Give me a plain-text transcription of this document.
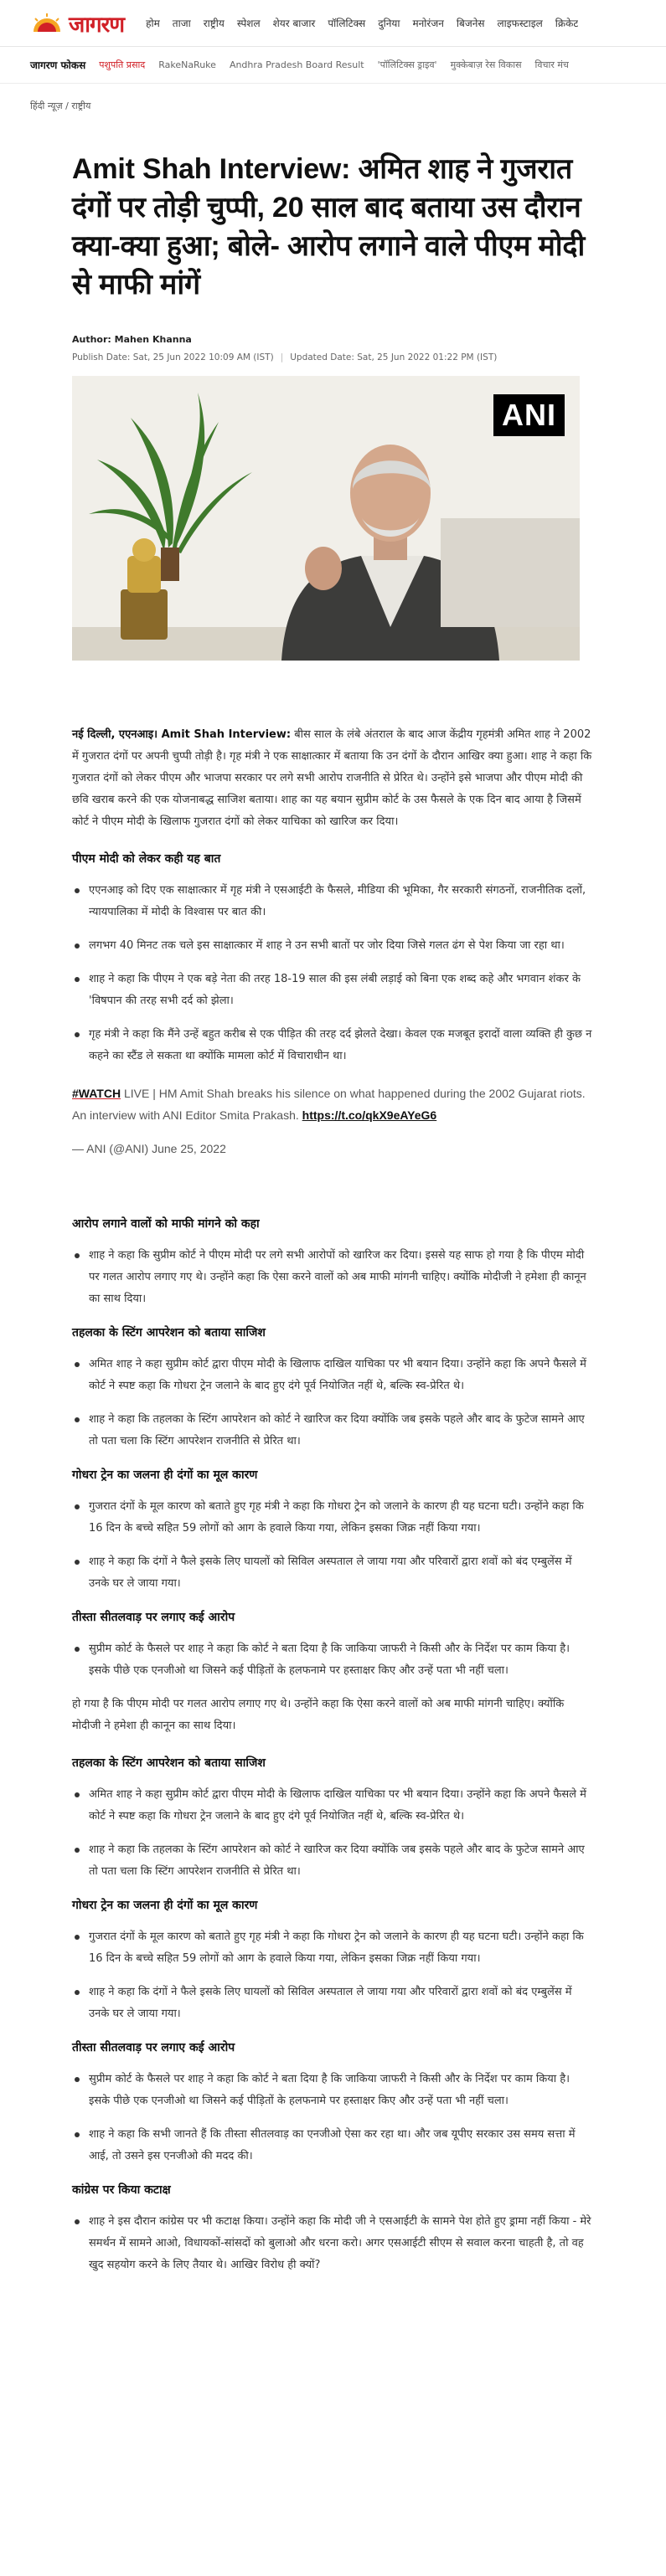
जागरण होम ताजा राष्ट्रीय स्पेशल शेयर बाजार पॉलिटिक्स दुनिया मनोरंजन बिजनेस लाइफस्टाइल क्रिकेट
जागरण फोकस पशुपति प्रसाद RakeNaRuke Andhra Pradesh Board Result 'पॉलिटिक्स ड्राइव' मुक्केबाज़ रेस विकास विचार मंच
हिंदी न्यूज़ / राष्ट्रीय
Amit Shah Interview: अमित शाह ने गुजरात दंगों पर तोड़ी चुप्पी, 20 साल बाद बताया उस दौरान क्या-क्या हुआ; बोले- आरोप लगाने वाले पीएम मोदी से माफी मांगें
Author: Mahen Khanna
Publish Date: Sat, 25 Jun 2022 10:09 AM (IST) | Updated Date: Sat, 25 Jun 2022 01:22 PM (IST)
ANI

नई दिल्ली, एएनआइ। Amit Shah Interview: बीस साल के लंबे अंतराल के बाद आज केंद्रीय गृहमंत्री अमित शाह ने 2002 में गुजरात दंगों पर अपनी चुप्पी तोड़ी है। गृह मंत्री ने एक साक्षात्कार में बताया कि उन दंगों के दौरान आखिर क्या हुआ। शाह ने कहा कि गुजरात दंगों को लेकर पीएम और भाजपा सरकार पर लगे सभी आरोप राजनीति से प्रेरित थे। उन्होंने इसे भाजपा और पीएम मोदी की छवि खराब करने की एक योजनाबद्ध साजिश बताया। शाह का यह बयान सुप्रीम कोर्ट के उस फैसले के एक दिन बाद आया है जिसमें कोर्ट ने पीएम मोदी के खिलाफ गुजरात दंगों को लेकर याचिका को खारिज कर दिया।

पीएम मोदी को लेकर कही यह बात
एएनआइ को दिए एक साक्षात्कार में गृह मंत्री ने एसआईटी के फैसले, मीडिया की भूमिका, गैर सरकारी संगठनों, राजनीतिक दलों, न्यायपालिका में मोदी के विश्वास पर बात की।
लगभग 40 मिनट तक चले इस साक्षात्कार में शाह ने उन सभी बातों पर जोर दिया जिसे गलत ढंग से पेश किया जा रहा था।
शाह ने कहा कि पीएम ने एक बड़े नेता की तरह 18-19 साल की इस लंबी लड़ाई को बिना एक शब्द कहे और भगवान शंकर के 'विषपान की तरह सभी दर्द को झेला।
गृह मंत्री ने कहा कि मैंने उन्हें बहुत करीब से एक पीड़ित की तरह दर्द झेलते देखा। केवल एक मजबूत इरादों वाला व्यक्ति ही कुछ न कहने का स्टैंड ले सकता था क्योंकि मामला कोर्ट में विचाराधीन था।
#WATCH LIVE | HM Amit Shah breaks his silence on what happened during the 2002 Gujarat riots. An interview with ANI Editor Smita Prakash. https://t.co/qkX9eAYeG6
— ANI (@ANI) June 25, 2022
आरोप लगाने वालों को माफी मांगने को कहा
शाह ने कहा कि सुप्रीम कोर्ट ने पीएम मोदी पर लगे सभी आरोपों को खारिज कर दिया। इससे यह साफ हो गया है कि पीएम मोदी पर गलत आरोप लगाए गए थे। उन्होंने कहा कि ऐसा करने वालों को अब माफी मांगनी चाहिए। क्योंकि मोदीजी ने हमेशा ही कानून का साथ दिया।
तहलका के स्टिंग आपरेशन को बताया साजिश
अमित शाह ने कहा सुप्रीम कोर्ट द्वारा पीएम मोदी के खिलाफ दाखिल याचिका पर भी बयान दिया। उन्होंने कहा कि अपने फैसले में कोर्ट ने स्पष्ट कहा कि गोधरा ट्रेन जलाने के बाद हुए दंगे पूर्व नियोजित नहीं थे, बल्कि स्व-प्रेरित थे।
शाह ने कहा कि तहलका के स्टिंग आपरेशन को कोर्ट ने खारिज कर दिया क्योंकि जब इसके पहले और बाद के फुटेज सामने आए तो पता चला कि स्टिंग आपरेशन राजनीति से प्रेरित था।
गोधरा ट्रेन का जलना ही दंगों का मूल कारण
गुजरात दंगों के मूल कारण को बताते हुए गृह मंत्री ने कहा कि गोधरा ट्रेन को जलाने के कारण ही यह घटना घटी। उन्होंने कहा कि 16 दिन के बच्चे सहित 59 लोगों को आग के हवाले किया गया, लेकिन इसका जिक्र नहीं किया गया।
शाह ने कहा कि दंगों ने फैले इसके लिए घायलों को सिविल अस्पताल ले जाया गया और परिवारों द्वारा शवों को बंद एम्बुलेंस में उनके घर ले जाया गया।
तीस्ता सीतलवाड़ पर लगाए कई आरोप
सुप्रीम कोर्ट के फैसले पर शाह ने कहा कि कोर्ट ने बता दिया है कि जाकिया जाफरी ने किसी और के निर्देश पर काम किया है। इसके पीछे एक एनजीओ था जिसने कई पीड़ितों के हलफनामे पर हस्ताक्षर किए और उन्हें पता भी नहीं चला।

हो गया है कि पीएम मोदी पर गलत आरोप लगाए गए थे। उन्होंने कहा कि ऐसा करने वालों को अब माफी मांगनी चाहिए। क्योंकि मोदीजी ने हमेशा ही कानून का साथ दिया।

तहलका के स्टिंग आपरेशन को बताया साजिश
अमित शाह ने कहा सुप्रीम कोर्ट द्वारा पीएम मोदी के खिलाफ दाखिल याचिका पर भी बयान दिया। उन्होंने कहा कि अपने फैसले में कोर्ट ने स्पष्ट कहा कि गोधरा ट्रेन जलाने के बाद हुए दंगे पूर्व नियोजित नहीं थे, बल्कि स्व-प्रेरित थे।
शाह ने कहा कि तहलका के स्टिंग आपरेशन को कोर्ट ने खारिज कर दिया क्योंकि जब इसके पहले और बाद के फुटेज सामने आए तो पता चला कि स्टिंग आपरेशन राजनीति से प्रेरित था।
गोधरा ट्रेन का जलना ही दंगों का मूल कारण
गुजरात दंगों के मूल कारण को बताते हुए गृह मंत्री ने कहा कि गोधरा ट्रेन को जलाने के कारण ही यह घटना घटी। उन्होंने कहा कि 16 दिन के बच्चे सहित 59 लोगों को आग के हवाले किया गया, लेकिन इसका जिक्र नहीं किया गया।
शाह ने कहा कि दंगों ने फैले इसके लिए घायलों को सिविल अस्पताल ले जाया गया और परिवारों द्वारा शवों को बंद एम्बुलेंस में उनके घर ले जाया गया।
तीस्ता सीतलवाड़ पर लगाए कई आरोप
सुप्रीम कोर्ट के फैसले पर शाह ने कहा कि कोर्ट ने बता दिया है कि जाकिया जाफरी ने किसी और के निर्देश पर काम किया है। इसके पीछे एक एनजीओ था जिसने कई पीड़ितों के हलफनामे पर हस्ताक्षर किए और उन्हें पता भी नहीं चला।
शाह ने कहा कि सभी जानते हैं कि तीस्ता सीतलवाड़ का एनजीओ ऐसा कर रहा था। और जब यूपीए सरकार उस समय सत्ता में आई, तो उसने इस एनजीओ की मदद की।
कांग्रेस पर किया कटाक्ष
शाह ने इस दौरान कांग्रेस पर भी कटाक्ष किया। उन्होंने कहा कि मोदी जी ने एसआईटी के सामने पेश होते हुए ड्रामा नहीं किया - मेरे समर्थन में सामने आओ, विधायकों-सांसदों को बुलाओ और धरना करो। अगर एसआईटी सीएम से सवाल करना चाहती है, तो वह खुद सहयोग करने के लिए तैयार थे। आखिर विरोध ही क्यों?
